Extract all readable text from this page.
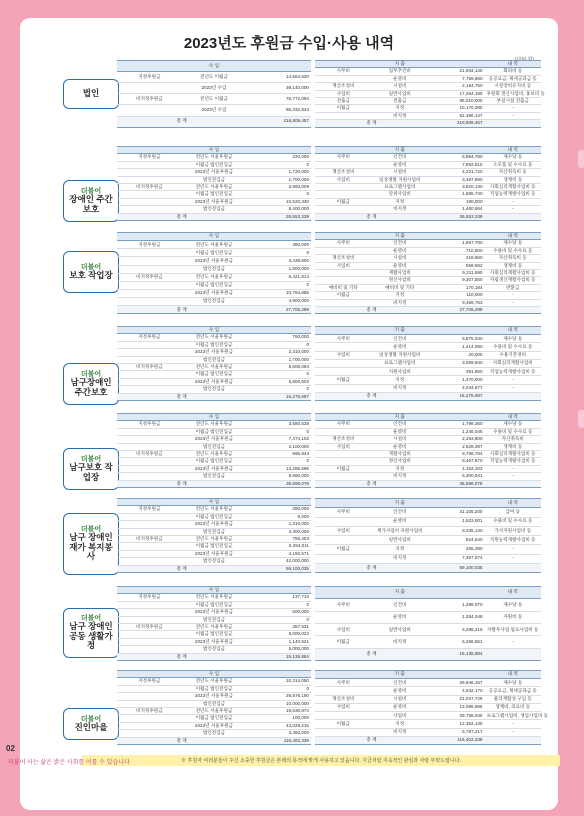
2023년도 후원금 수입·사용 내역
법인
수 입		
지정후원금	전년도 이월금	14,564,520
	2023년 수입	39,140,000
비지정후원금	전년도 이월금	76,772,094
	2023년 수입	86,332,843
총 계		216,809,457
지 출			내 역
사무비	업무추진비	21,934,140	회의비 등
	운영비	7,759,860	공공요금, 제세공과금 등
재산조성비	시설비	2,184,750	시설장비유지비 등
사업비	일반사업비	17,264,180	후원회 결산사업비, 홍보비 등
전출금	전출금	95,010,000	부설시설 전출금
이월금	지정	10,170,380	-
	비지정	62,486,147	-
총 계		216,809,457	
더불어
장애인 주간보호
수 입		
지정후원금	전년도 서울후원금	220,000
	이월금 법인전입금	0
	2023년 서울후원금	1,720,000
	법인전입금	1,700,000
비지정후원금	전년도 서울후원금	3,993,009
	이월금 법인전입금	0
	2023년 서울후원금	10,520,330
	법인전입금	8,400,000
총 계		26,553,339
지 출			내 역
사무비	인건비	5,894,780	제수당 등
	운영비	7,892,515	소모품 및 수수료 등
재산조성비	시설비	4,221,720	자산취득비 등
사업비	일상생활 지원사업비	3,487,890	생계비 등
	프로그램사업비	3,820,130	사회심리재활사업비 등
	단위사업비	1,585,740	직업능력개발사업비 등
이월금	지정	190,000	-
	비지정	1,460,564	-
총 계		26,553,339	
더불어
보호 작업장
수 입		
지정후원금	전년도 서울후원금	380,000
	이월금 법인전입금	0
	2023년 서울후원금	3,438,600
	법인전입금	1,800,000
비지정후원금	전년도 서울후원금	6,421,814
	이월금 법인전입금	0
	2023년 서울후원금	10,764,885
	법인전입금	4,900,000
총 계		27,705,299
지 출			내 역
사무비	인건비	1,957,780	제수당 등
	운영비	710,500	수용비 및 수수료 등
재산조성비	시설비	218,860	자산취득비 등
사업비	운영비	559,582	생계비 등
	재활사업비	5,211,590	사회심리재활사업비 등
	정신사업비	9,307,550	자립생산재활사업비 등
예비비 및 기타	예비비 및 기타	170,184	반환금
이월금	지정	110,000	-
	비지정	9,459,753	-
총 계		27,705,299	
더불어
남구장애인 주간보호
수 입		
지정후원금	전년도 서울후원금	760,000
	이월금 법인전입금	0
	2023년 서울후원금	2,410,000
	법인전입금	1,700,000
비지정후원금	전년도 서울후원금	5,605,084
	이월금 법인전입금	0
	2023년 서울후원금	5,800,603
	법인전입금	0
총 계		16,275,687
지 출			내 역
사무비	인건비	5,875,040	제수당 등
	운영비	1,414,080	수용비 및 수수료 등
사업비	일상생활 지원사업비	20,000	수용기본경비
	프로그램사업비	3,069,840	사회심리재활사업비
	지원사업비	391,850	직업능력개발사업비 등
이월금	지정	1,470,000	-
	비지정	4,034,877	-
총 계		16,275,687	
더불어
남구보호 작업장
수 입		
지정후원금	전년도 서울후원금	3,580,538
	이월금 법인전입금	0
	2023년 서울후원금	7,474,102
	법인전입금	2,100,000
비지정후원금	전년도 서울후원금	595,843
	이월금 법인전입금	0
	2023년 서울후원금	13,285,596
	법인전입금	9,660,000
총 계		36,696,079
지 출			내 역
사무비	인건비	1,798,360	제수당 등
	운영비	1,246,045	수용비 및 수수료 등
재산조성비	시설비	2,293,800	자산취득비
사업비	운영비	2,628,397	생계비 등
	재활사업비	9,798,784	사회심리재활사업비 등
	정신사업비	8,467,670	직업능력개발사업비 등
이월금	지정	4,162,102	-
	비지정	6,300,941	-
총 계		36,696,079	
더불어
남구 장애인재가 복지봉사
수 입		
지정후원금	전년도 서울후원금	280,000
	이월금 법인전입금	9,000
	2023년 서울후원금	1,310,000
	법인전입금	4,300,000
비지정후원금	전년도 서울후원금	756,453
	이월금 법인전입금	6,294,011
	2023년 서울후원금	4,150,571
	법인전입금	42,000,000
총 계		59,100,035
지 출			내 역
사무비	인건비	41,105,200	급여 등
	운영비	1,522,001	수용비 및 수수료 등
사업비	재가사업비 자원사업비	8,335,130	가사지원사업비 등
	일반사업비	524,640	직원능력개발사업비 등
이월금	지정	255,390	-
	비지정	7,357,674	-
총 계		59,100,035	
더불어
남구 장애인공동 생활가정
수 입		
지정후원금	전년도 서울후원금	137,710
	이월금 법인전입금	0
	2023년 서울후원금	500,000
	법인전입금	0
비지정후원금	전년도 서울후원금	357,631
	이월금 법인전입금	8,000,022
	2023년 서울후원금	1,140,521
	법인전입금	5,000,000
총 계		15,135,884
지 출			내 역
사무비	인건비	1,289,070	제수당 등
	운영비	1,284,048	자원비 등
사업비	일반사업비	6,296,215	자활투사업 필요사업비 등
이월금	비지정	6,266,551	-
총 계		15,135,884	
더불어
진인마을
수 입		
지정후원금	전년도 서울후원금	10,314,050
	이월금 법인전입금	0
	2023년 서울후원금	29,878,190
	법인전입금	10,000,000
비지정후원금	전년도 서울후원금	19,630,874
	이월금 법인전입금	100,000
	2023년 서울후원금	43,029,215
	법인전입금	3,450,000
총 계		116,402,339
지 출			내 역
사무비	인건비	29,846,157	제수당 등
	운영비	4,532,170	공공요금, 제세공과금 등
재산조성비	시설비	21,047,729	물리재활성 구입 등
사업비	운영비	13,086,896	생계비, 의료비 등
	사업비	29,755,040	프로그램사업비, 생업사업비 등
이월금	지정	12,352,130	-
	비지정	5,787,217	-
총 계		116,402,339	
※ 후원자 여러분들이 주신 소중한 후원금은 본래의 목적에 맞게 사용하고 있습니다. 지금처럼 지속적인 관심과 사랑 부탁드립니다.
02
더불어 사는 삶은 밝은 사회를 이룰 수 있습니다
